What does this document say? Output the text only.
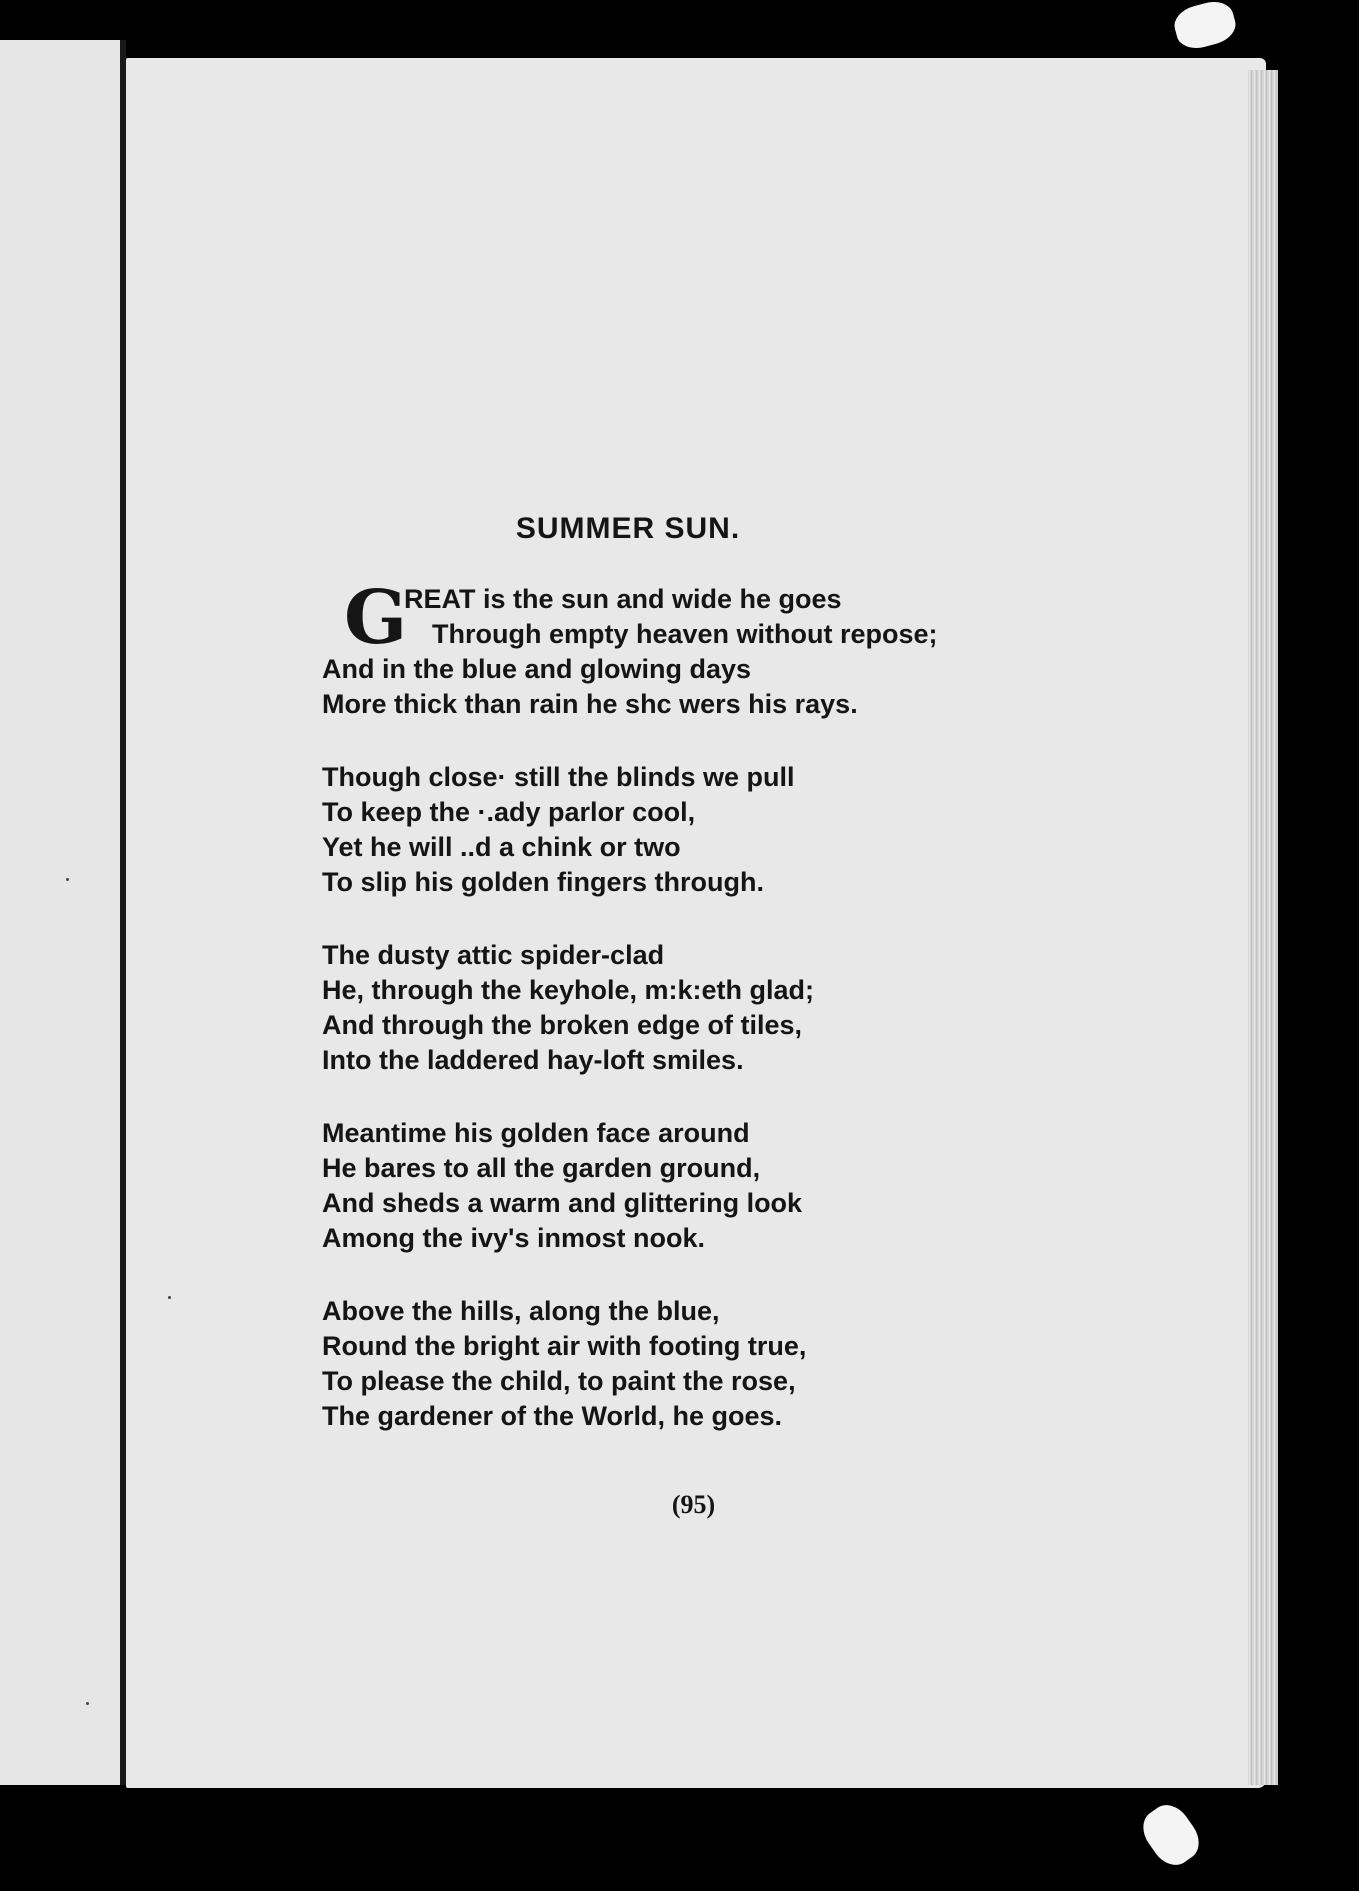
SUMMER SUN.
G
REAT is the sun and wide he goes
Through empty heaven without repose;
And in the blue and glowing days
More thick than rain he shc wers his rays.
Though close· still the blinds we pull
To keep the ·.ady parlor cool,
Yet he will ..d a chink or two
To slip his golden fingers through.
The dusty attic spider-clad
He, through the keyhole, m:k:eth glad;
And through the broken edge of tiles,
Into the laddered hay-loft smiles.
Meantime his golden face around
He bares to all the garden ground,
And sheds a warm and glittering look
Among the ivy's inmost nook.
Above the hills, along the blue,
Round the bright air with footing true,
To please the child, to paint the rose,
The gardener of the World, he goes.
(95)
